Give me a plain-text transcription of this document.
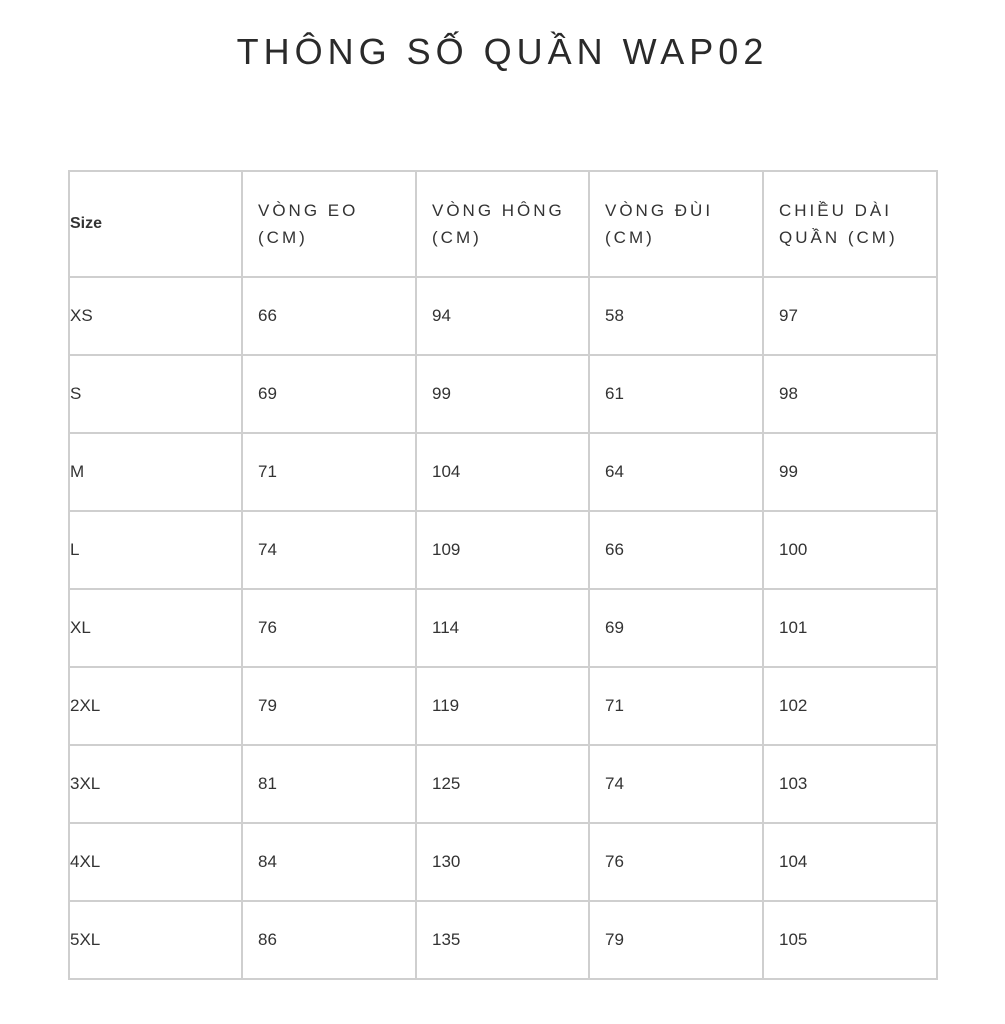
THÔNG SỐ QUẦN WAP02
Size	VÒNG EO (CM)	VÒNG HÔNG (CM)	VÒNG ĐÙI (CM)	CHIỀU DÀI QUẦN (CM)
XS	66	94	58	97
S	69	99	61	98
M	71	104	64	99
L	74	109	66	100
XL	76	114	69	101
2XL	79	119	71	102
3XL	81	125	74	103
4XL	84	130	76	104
5XL	86	135	79	105
